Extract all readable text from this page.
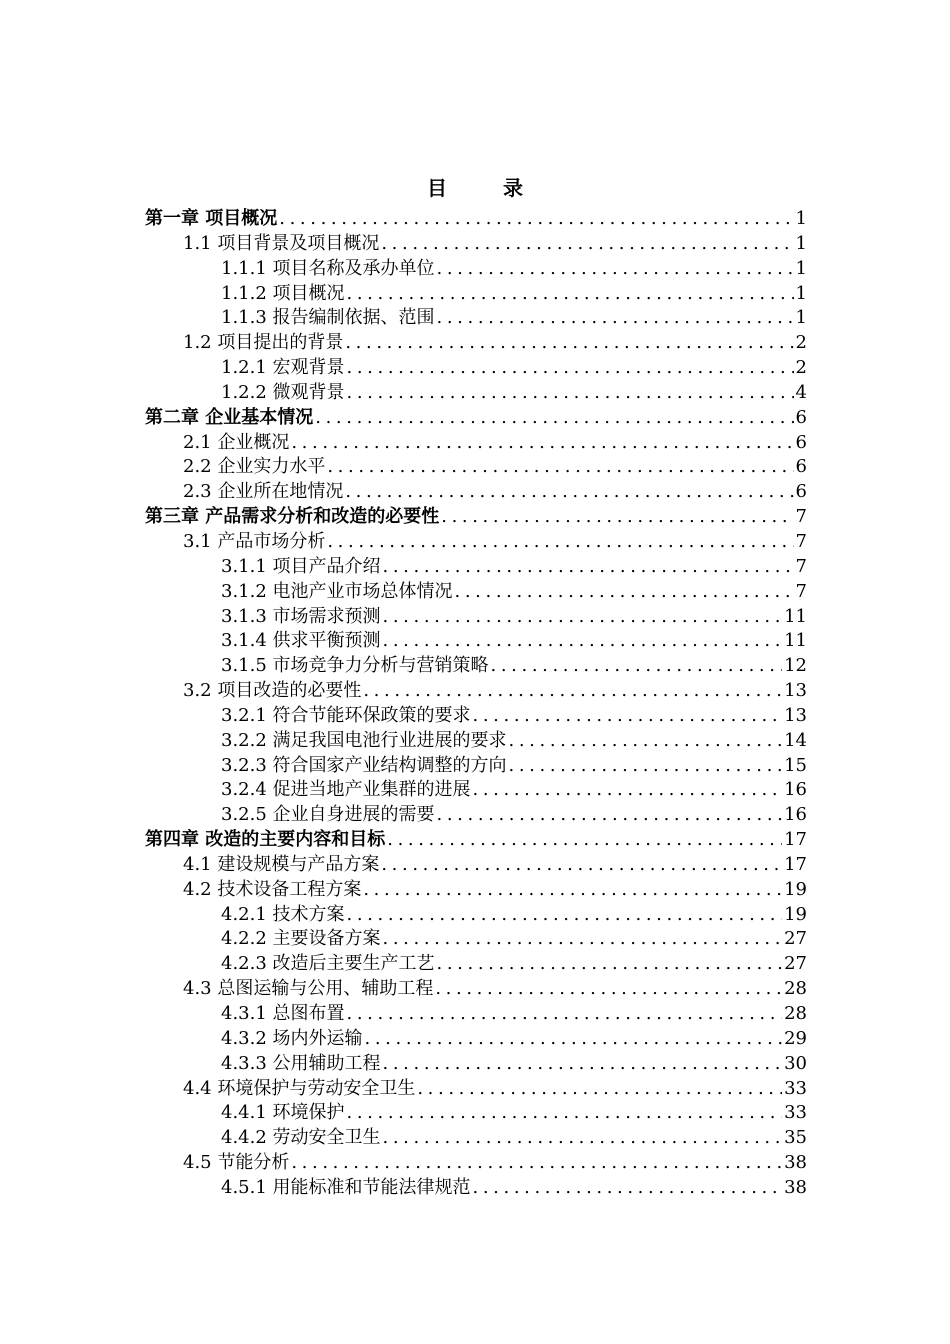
目　录
第一章 项目概况 .....	1
1.1 项目背景及项目概况 .....	1
1.1.1 项目名称及承办单位 .....	1
1.1.2 项目概况 .....	1
1.1.3 报告编制依据、范围 .....	1
1.2 项目提出的背景 .....	2
1.2.1 宏观背景 .....	2
1.2.2 微观背景 .....	4
第二章 企业基本情况 .....	6
2.1 企业概况 .....	6
2.2 企业实力水平 .....	6
2.3 企业所在地情况 .....	6
第三章 产品需求分析和改造的必要性 .....	7
3.1 产品市场分析 .....	7
3.1.1 项目产品介绍 .....	7
3.1.2 电池产业市场总体情况 .....	7
3.1.3 市场需求预测 .....	11
3.1.4 供求平衡预测 .....	11
3.1.5 市场竞争力分析与营销策略 .....	12
3.2 项目改造的必要性 .....	13
3.2.1 符合节能环保政策的要求 .....	13
3.2.2 满足我国电池行业进展的要求 .....	14
3.2.3 符合国家产业结构调整的方向 .....	15
3.2.4 促进当地产业集群的进展 .....	16
3.2.5 企业自身进展的需要 .....	16
第四章 改造的主要内容和目标 .....	17
4.1 建设规模与产品方案 .....	17
4.2 技术设备工程方案 .....	19
4.2.1 技术方案 .....	19
4.2.2 主要设备方案 .....	27
4.2.3 改造后主要生产工艺 .....	27
4.3 总图运输与公用、辅助工程 .....	28
4.3.1 总图布置 .....	28
4.3.2 场内外运输 .....	29
4.3.3 公用辅助工程 .....	30
4.4 环境保护与劳动安全卫生 .....	33
4.4.1 环境保护 .....	33
4.4.2 劳动安全卫生 .....	35
4.5 节能分析 .....	38
4.5.1 用能标准和节能法律规范 .....	38
